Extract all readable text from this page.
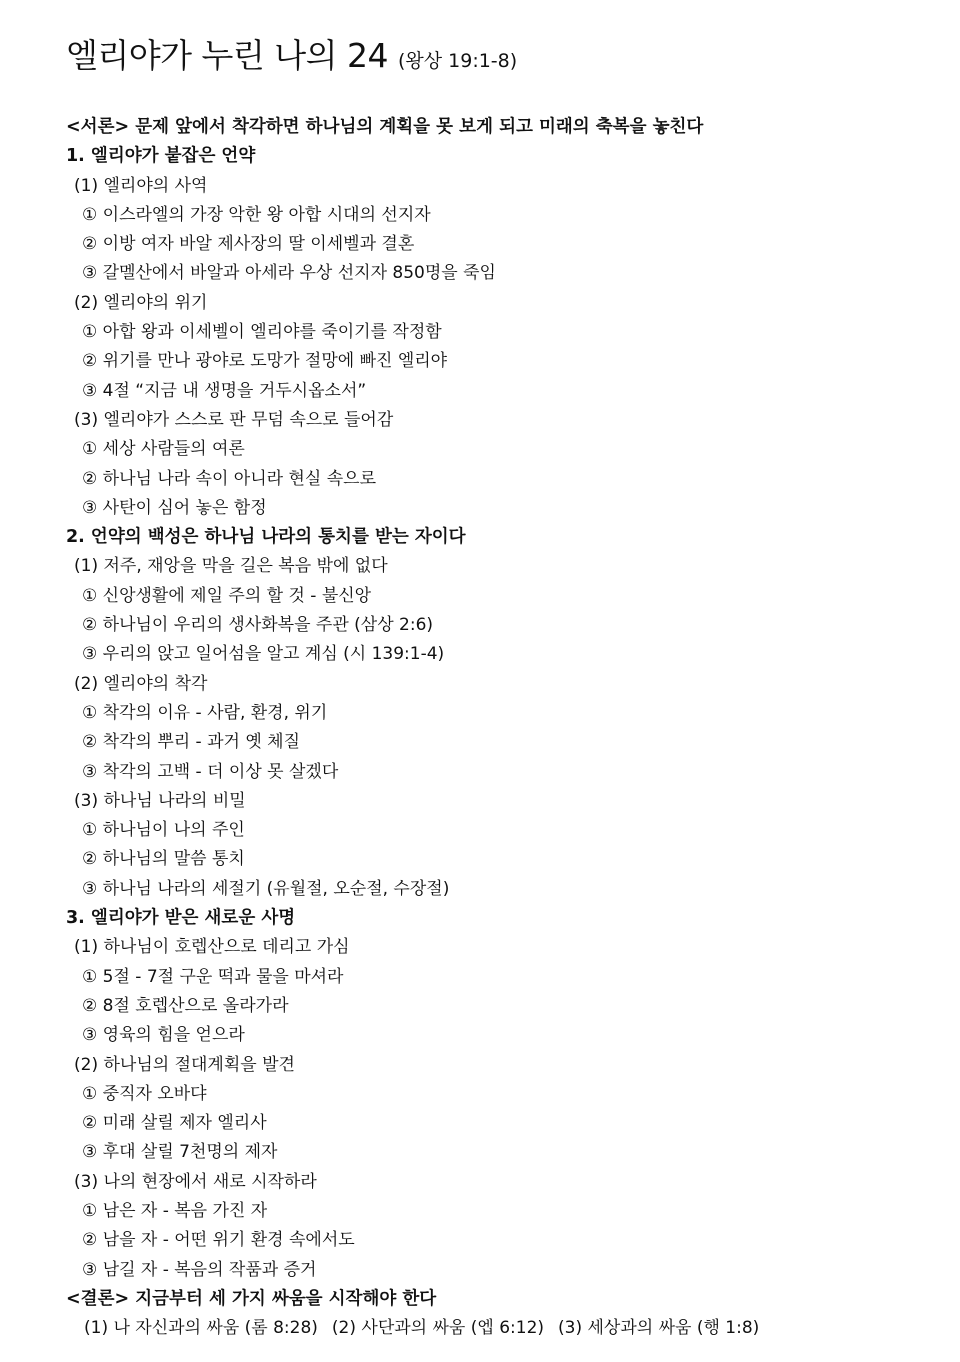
엘리야가 누린 나의 24 (왕상 19:1-8)
<서론> 문제 앞에서 착각하면 하나님의 계획을 못 보게 되고 미래의 축복을 놓친다
1. 엘리야가 붙잡은 언약
(1) 엘리야의 사역
① 이스라엘의 가장 악한 왕 아합 시대의 선지자
② 이방 여자 바알 제사장의 딸 이세벨과 결혼
③ 갈멜산에서 바알과 아세라 우상 선지자 850명을 죽임
(2) 엘리야의 위기
① 아합 왕과 이세벨이 엘리야를 죽이기를 작정함
② 위기를 만나 광야로 도망가 절망에 빠진 엘리야
③ 4절 “지금 내 생명을 거두시옵소서”
(3) 엘리야가 스스로 판 무덤 속으로 들어감
① 세상 사람들의 여론
② 하나님 나라 속이 아니라 현실 속으로
③ 사탄이 심어 놓은 함정
2. 언약의 백성은 하나님 나라의 통치를 받는 자이다
(1) 저주, 재앙을 막을 길은 복음 밖에 없다
① 신앙생활에 제일 주의 할 것 - 불신앙
② 하나님이 우리의 생사화복을 주관 (삼상 2:6)
③ 우리의 앉고 일어섬을 알고 계심 (시 139:1-4)
(2) 엘리야의 착각
① 착각의 이유 - 사람, 환경, 위기
② 착각의 뿌리 - 과거 옛 체질
③ 착각의 고백 - 더 이상 못 살겠다
(3) 하나님 나라의 비밀
① 하나님이 나의 주인
② 하나님의 말씀 통치
③ 하나님 나라의 세절기 (유월절, 오순절, 수장절)
3. 엘리야가 받은 새로운 사명
(1) 하나님이 호렙산으로 데리고 가심
① 5절 - 7절 구운 떡과 물을 마셔라
② 8절 호렙산으로 올라가라
③ 영육의 힘을 얻으라
(2) 하나님의 절대계획을 발견
① 중직자 오바댜
② 미래 살릴 제자 엘리사
③ 후대 살릴 7천명의 제자
(3) 나의 현장에서 새로 시작하라
① 남은 자 - 복음 가진 자
② 남을 자 - 어떤 위기 환경 속에서도
③ 남길 자 - 복음의 작품과 증거
<결론> 지금부터 세 가지 싸움을 시작해야 한다
(1) 나 자신과의 싸움 (롬 8:28) (2) 사단과의 싸움 (엡 6:12) (3) 세상과의 싸움 (행 1:8)
